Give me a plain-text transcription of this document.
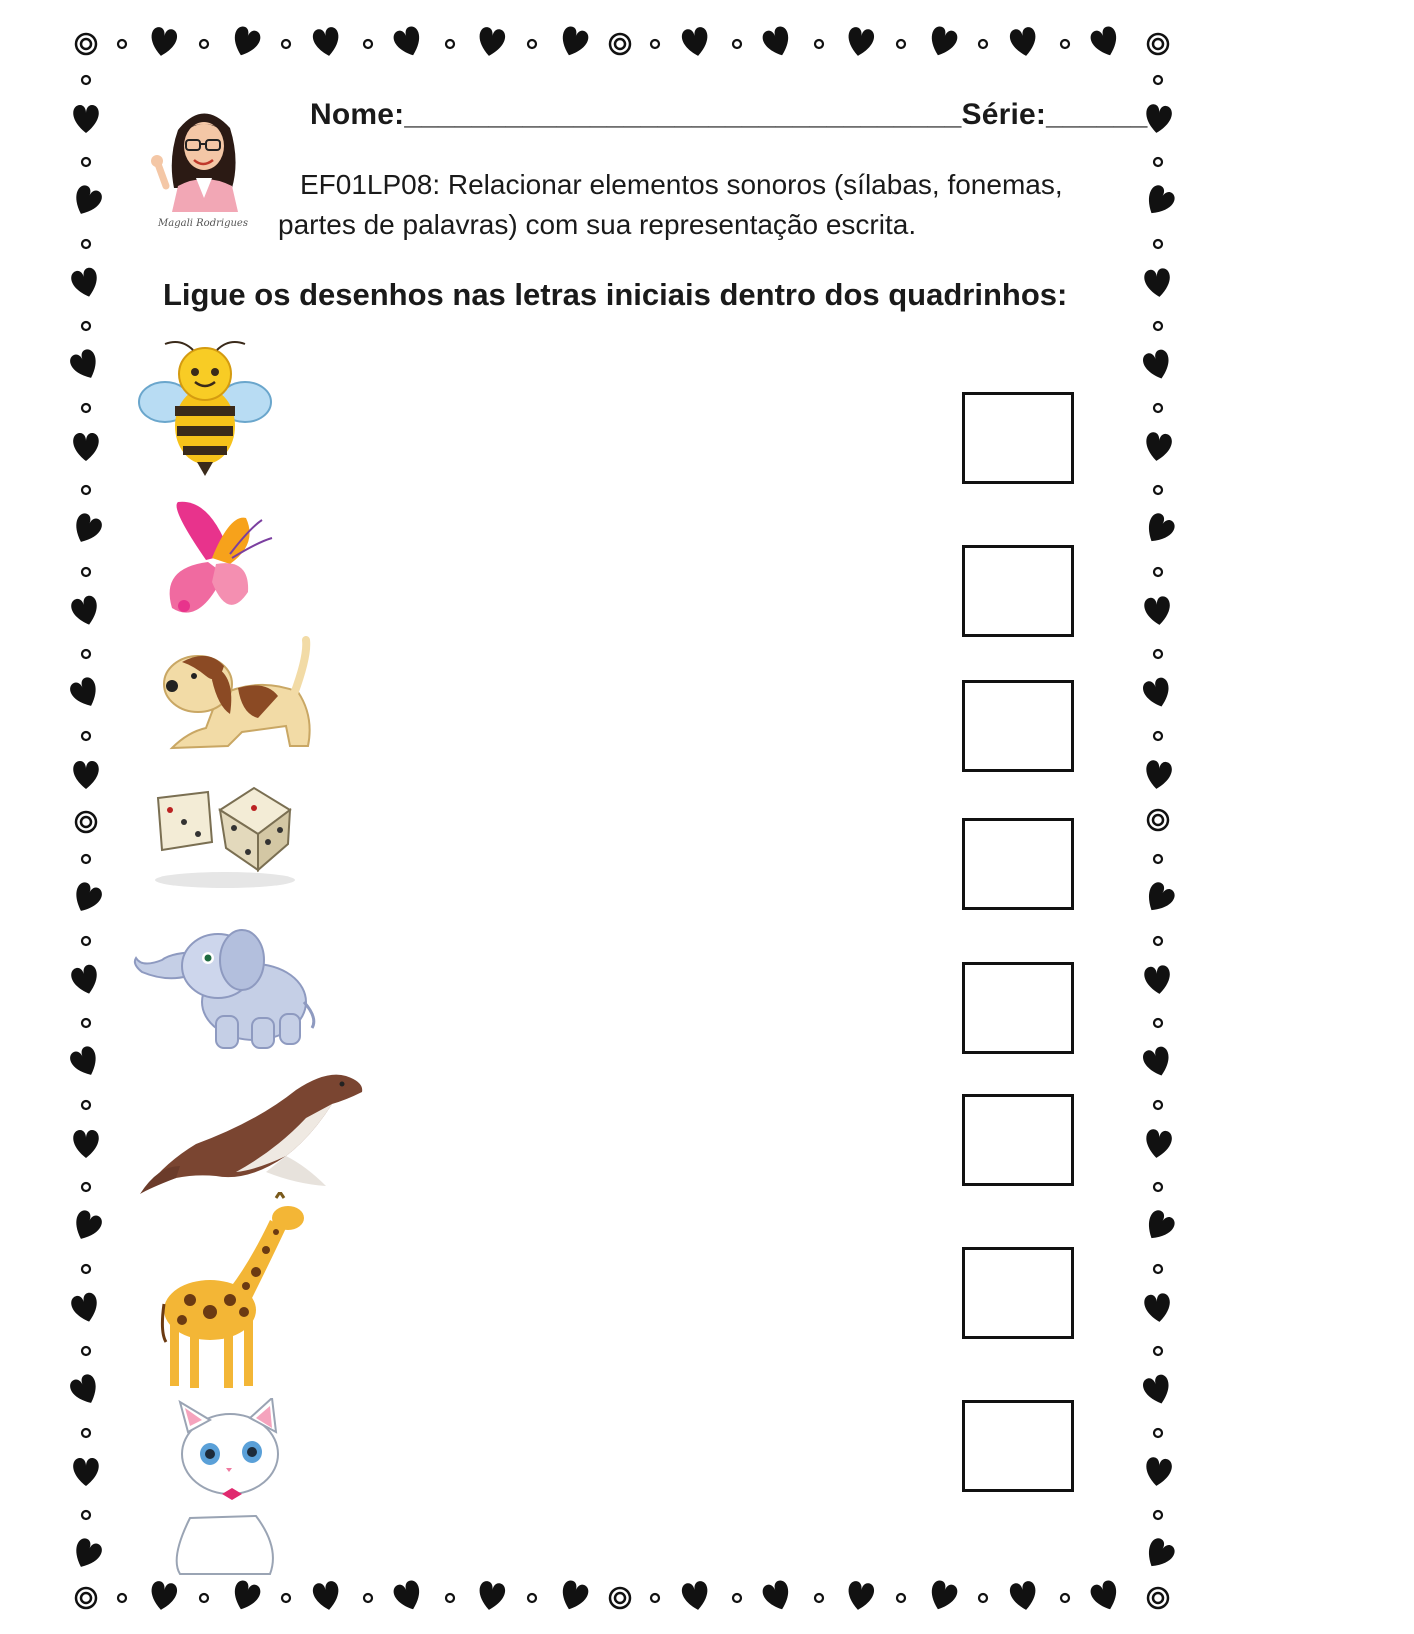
Magali Rodrigues
Nome:_________________________________Série:______
EF01LP08: Relacionar elementos sonoros (sílabas, fonemas, partes de palavras) com sua representação escrita.
Ligue os desenhos nas letras iniciais dentro dos quadrinhos:
